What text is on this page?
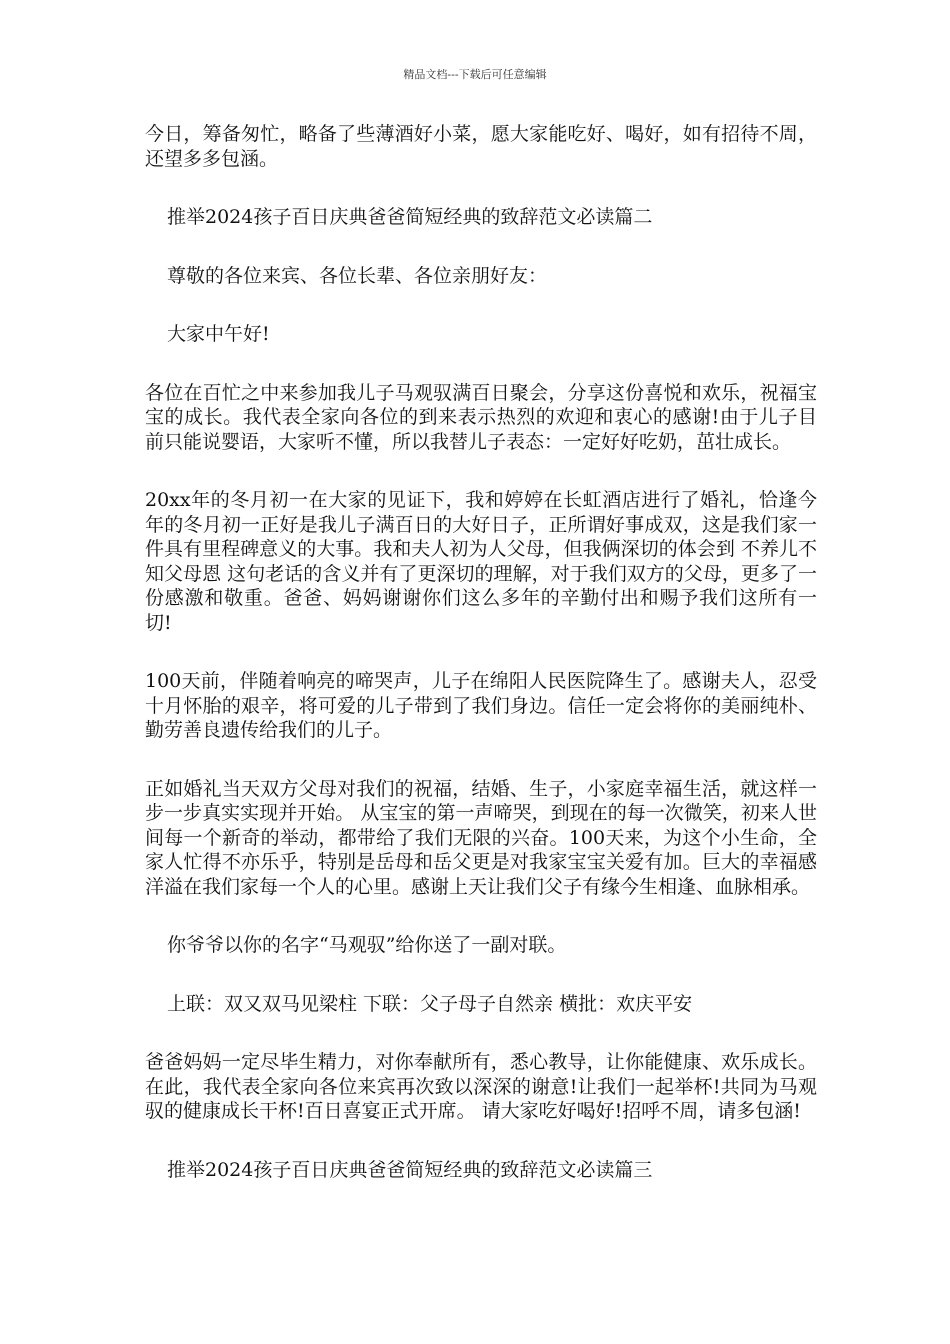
精品文档---下载后可任意编辑

今日，筹备匆忙，略备了些薄酒好小菜，愿大家能吃好、喝好，如有招待不周，还望多多包涵。

推举2024孩子百日庆典爸爸简短经典的致辞范文必读篇二

尊敬的各位来宾、各位长辈、各位亲朋好友：

大家中午好!

各位在百忙之中来参加我儿子马观驭满百日聚会，分享这份喜悦和欢乐，祝福宝宝的成长。我代表全家向各位的到来表示热烈的欢迎和衷心的感谢!由于儿子目前只能说婴语，大家听不懂，所以我替儿子表态：一定好好吃奶，茁壮成长。

20xx年的冬月初一在大家的见证下，我和婷婷在长虹酒店进行了婚礼，恰逢今年的冬月初一正好是我儿子满百日的大好日子，正所谓好事成双，这是我们家一件具有里程碑意义的大事。我和夫人初为人父母，但我俩深切的体会到 不养儿不知父母恩 这句老话的含义并有了更深切的理解，对于我们双方的父母，更多了一份感激和敬重。爸爸、妈妈谢谢你们这么多年的辛勤付出和赐予我们这所有一切!

100天前，伴随着响亮的啼哭声，儿子在绵阳人民医院降生了。感谢夫人，忍受十月怀胎的艰辛，将可爱的儿子带到了我们身边。信任一定会将你的美丽纯朴、勤劳善良遗传给我们的儿子。

正如婚礼当天双方父母对我们的祝福，结婚、生子，小家庭幸福生活，就这样一步一步真实实现并开始。 从宝宝的第一声啼哭，到现在的每一次微笑，初来人世间每一个新奇的举动，都带给了我们无限的兴奋。100天来，为这个小生命，全家人忙得不亦乐乎，特别是岳母和岳父更是对我家宝宝关爱有加。巨大的幸福感洋溢在我们家每一个人的心里。感谢上天让我们父子有缘今生相逢、血脉相承。

你爷爷以你的名字“马观驭”给你送了一副对联。

上联：双又双马见梁柱 下联：父子母子自然亲 横批：欢庆平安

爸爸妈妈一定尽毕生精力，对你奉献所有，悉心教导，让你能健康、欢乐成长。 在此，我代表全家向各位来宾再次致以深深的谢意!让我们一起举杯!共同为马观驭的健康成长干杯!百日喜宴正式开席。 请大家吃好喝好!招呼不周，请多包涵!

推举2024孩子百日庆典爸爸简短经典的致辞范文必读篇三
